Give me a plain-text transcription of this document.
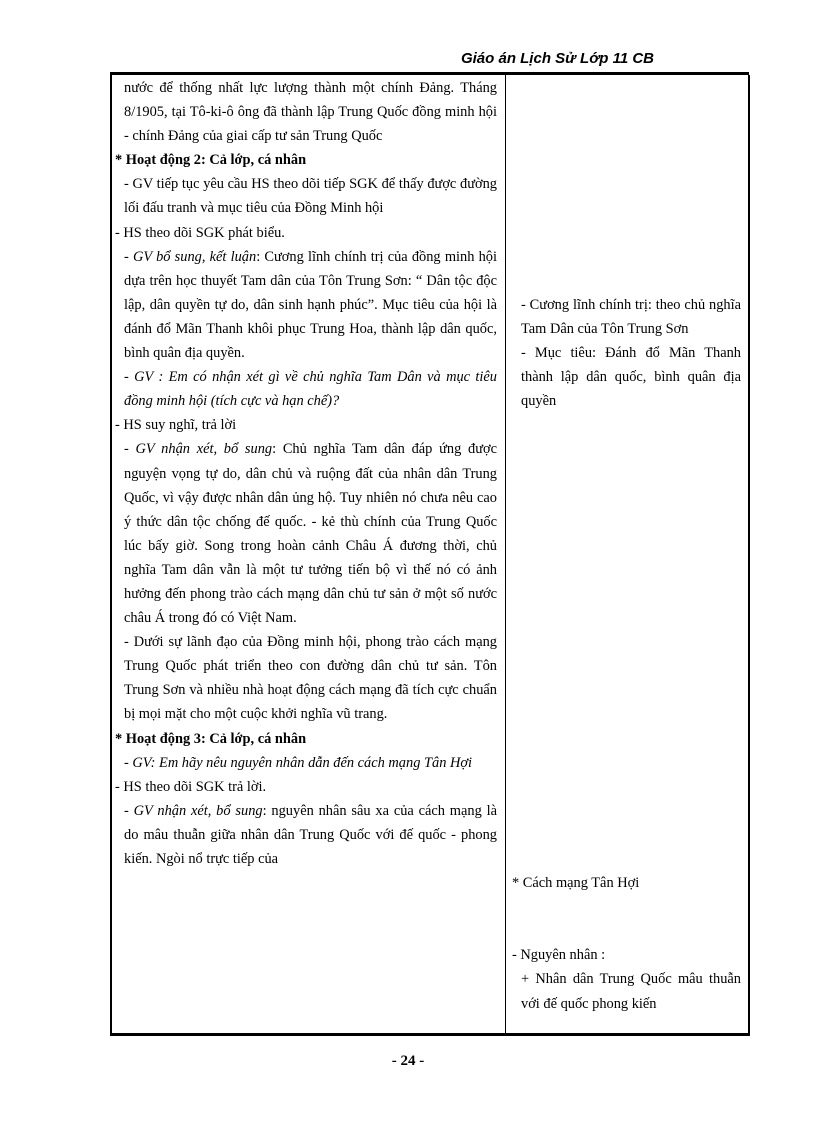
Giáo án Lịch Sử Lớp 11 CB

nước để thống nhất lực lượng thành một chính Đảng. Tháng 8/1905, tại Tô-ki-ô ông đã thành lập Trung Quốc đồng minh hội - chính Đảng của giai cấp tư sản Trung Quốc

* Hoạt động 2: Cả lớp, cá nhân

- GV tiếp tục yêu cầu HS theo dõi tiếp SGK để thấy được đường lối đấu tranh và mục tiêu của Đồng Minh hội

- HS theo dõi SGK phát biểu.

- GV bổ sung, kết luận: Cương lĩnh chính trị của đồng minh hội dựa trên học thuyết Tam dân của Tôn Trung Sơn: “ Dân tộc độc lập, dân quyền tự do, dân sinh hạnh phúc”. Mục tiêu của hội là đánh đổ Mãn Thanh khôi phục Trung Hoa, thành lập dân quốc, bình quân địa quyền.

- GV : Em có nhận xét gì về chủ nghĩa Tam Dân và mục tiêu đồng minh hội (tích cực và hạn chế)?

- HS suy nghĩ, trả lời

- GV nhận xét, bổ sung: Chủ nghĩa Tam dân đáp ứng được nguyện vọng tự do, dân chủ và ruộng đất của nhân dân Trung Quốc, vì vậy được nhân dân ủng hộ. Tuy nhiên nó chưa nêu cao ý thức dân tộc chống đế quốc. - kẻ thù chính của Trung Quốc lúc bấy giờ. Song trong hoàn cảnh Châu Á đương thời, chủ nghĩa Tam dân vẫn là một tư tưởng tiến bộ vì thế nó có ảnh hưởng đến phong trào cách mạng dân chủ tư sản ở một số nước châu Á trong đó có Việt Nam.

- Dưới sự lãnh đạo của Đồng minh hội, phong trào cách mạng Trung Quốc phát triển theo con đường dân chủ tư sản. Tôn Trung Sơn và nhiều nhà hoạt động cách mạng đã tích cực chuẩn bị mọi mặt cho một cuộc khởi nghĩa vũ trang.

* Hoạt động 3: Cả lớp, cá nhân

- GV: Em hãy nêu nguyên nhân dẫn đến cách mạng Tân Hợi

- HS theo dõi SGK trả lời.

- GV nhận xét, bổ sung: nguyên nhân sâu xa của cách mạng là do mâu thuẫn giữa nhân dân Trung Quốc với đế quốc - phong kiến. Ngòi nổ trực tiếp của

- Cương lĩnh chính trị: theo chủ nghĩa Tam Dân của Tôn Trung Sơn

- Mục tiêu: Đánh đổ Mãn Thanh thành lập dân quốc, bình quân địa quyền

* Cách mạng Tân Hợi

- Nguyên nhân :

+ Nhân dân Trung Quốc mâu thuẫn với đế quốc phong kiến

- 24 -
